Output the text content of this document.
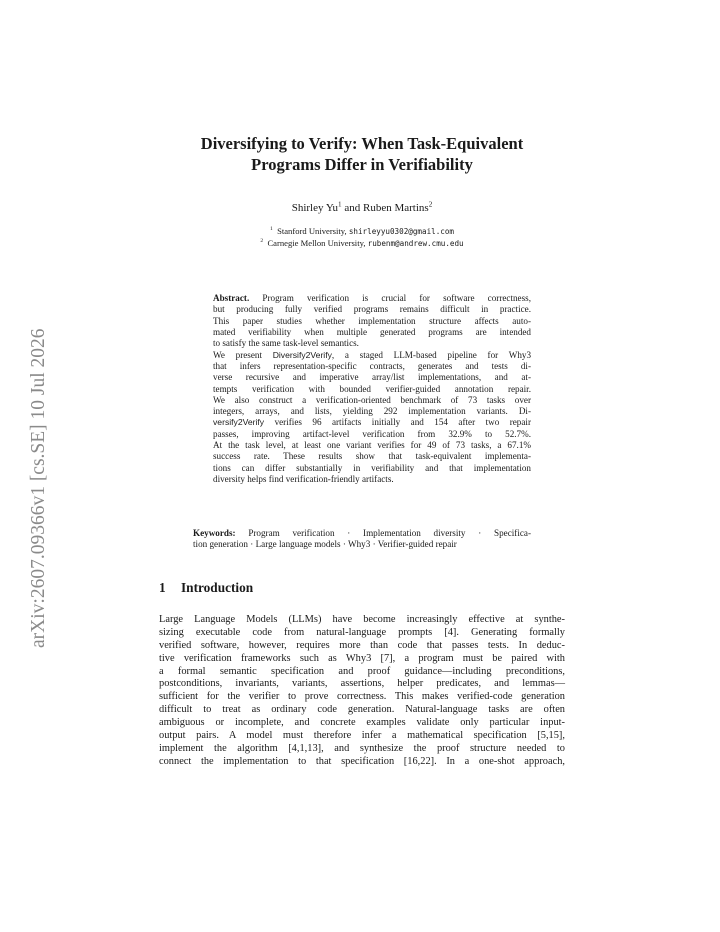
arXiv:2607.09366v1 [cs.SE] 10 Jul 2026
Diversifying to Verify: When Task-Equivalent
Programs Differ in Verifiability
Shirley Yu$^1$ and Ruben Martins$^2$
$^1$ Stanford University, shirleyyu0302@gmail.com
$^2$ Carnegie Mellon University, rubenm@andrew.cmu.edu
Abstract. Program verification is crucial for software correctness,
but producing fully verified programs remains difficult in practice.
This paper studies whether implementation structure affects auto-
mated verifiability when multiple generated programs are intended
to satisfy the same task-level semantics.
We present Diversify2Verify, a staged LLM-based pipeline for Why3
that infers representation-specific contracts, generates and tests di-
verse recursive and imperative array/list implementations, and at-
tempts verification with bounded verifier-guided annotation repair.
We also construct a verification-oriented benchmark of 73 tasks over
integers, arrays, and lists, yielding 292 implementation variants. Di-
versify2Verify verifies 96 artifacts initially and 154 after two repair
passes, improving artifact-level verification from 32.9% to 52.7%.
At the task level, at least one variant verifies for 49 of 73 tasks, a 67.1%
success rate. These results show that task-equivalent implementa-
tions can differ substantially in verifiability and that implementation
diversity helps find verification-friendly artifacts.
Keywords: Program verification · Implementation diversity · Specifica-
tion generation · Large language models · Why3 · Verifier-guided repair
1 Introduction
Large Language Models (LLMs) have become increasingly effective at synthe-
sizing executable code from natural-language prompts [4]. Generating formally
verified software, however, requires more than code that passes tests. In deduc-
tive verification frameworks such as Why3 [7], a program must be paired with
a formal semantic specification and proof guidance—including preconditions,
postconditions, invariants, variants, assertions, helper predicates, and lemmas—
sufficient for the verifier to prove correctness. This makes verified-code generation
difficult to treat as ordinary code generation. Natural-language tasks are often
ambiguous or incomplete, and concrete examples validate only particular input-
output pairs. A model must therefore infer a mathematical specification [5,15],
implement the algorithm [4,1,13], and synthesize the proof structure needed to
connect the implementation to that specification [16,22]. In a one-shot approach,
